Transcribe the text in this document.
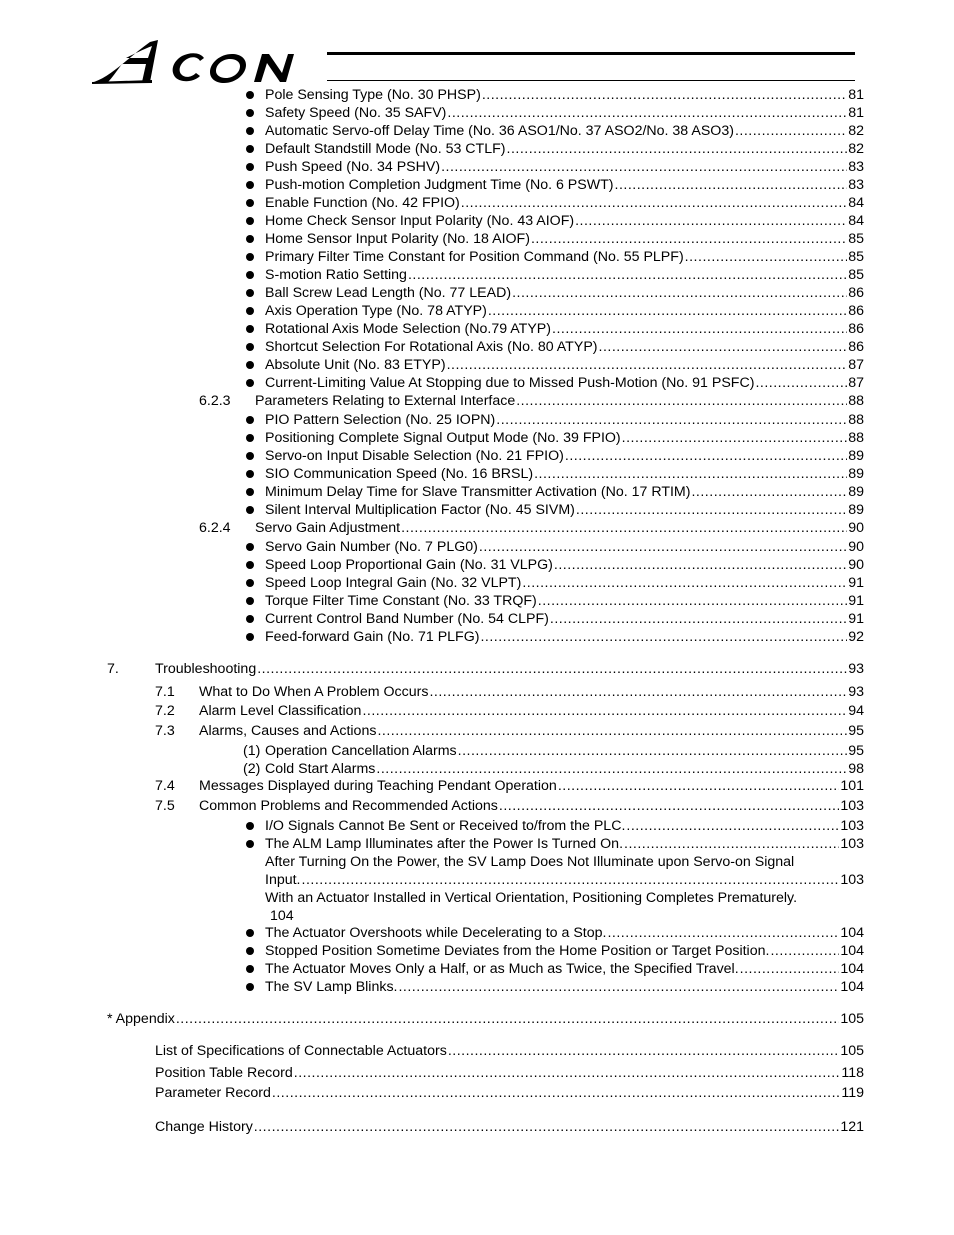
Pole Sensing Type (No. 30 PHSP) .....	81
Safety Speed (No. 35 SAFV) .....	81
Automatic Servo-off Delay Time (No. 36 ASO1/No. 37 ASO2/No. 38 ASO3) .....	82
Default Standstill Mode (No. 53 CTLF) .....	82
Push Speed (No. 34 PSHV) .....	83
Push-motion Completion Judgment Time (No. 6 PSWT) .....	83
Enable Function (No. 42 FPIO) .....	84
Home Check Sensor Input Polarity (No. 43 AIOF) .....	84
Home Sensor Input Polarity (No. 18 AIOF) .....	85
Primary Filter Time Constant for Position Command (No. 55 PLPF) .....	85
S-motion Ratio Setting .....	85
Ball Screw Lead Length (No. 77 LEAD) .....	86
Axis Operation Type (No. 78 ATYP) .....	86
Rotational Axis Mode Selection (No.79 ATYP) .....	86
Shortcut Selection For Rotational Axis (No. 80 ATYP) .....	86
Absolute Unit (No. 83 ETYP) .....	87
Current-Limiting Value At Stopping due to Missed Push-Motion (No. 91 PSFC) .....	87
6.2.3 Parameters Relating to External Interface .....	88
PIO Pattern Selection (No. 25 IOPN) .....	88
Positioning Complete Signal Output Mode (No. 39 FPIO) .....	88
Servo-on Input Disable Selection (No. 21 FPIO) .....	89
SIO Communication Speed (No. 16 BRSL) .....	89
Minimum Delay Time for Slave Transmitter Activation (No. 17 RTIM) .....	89
Silent Interval Multiplication Factor (No. 45 SIVM) .....	89
6.2.4 Servo Gain Adjustment .....	90
Servo Gain Number (No. 7 PLG0) .....	90
Speed Loop Proportional Gain (No. 31 VLPG) .....	90
Speed Loop Integral Gain (No. 32 VLPT) .....	91
Torque Filter Time Constant (No. 33 TRQF) .....	91
Current Control Band Number (No. 54 CLPF) .....	91
Feed-forward Gain (No. 71 PLFG) .....	92
7.	Troubleshooting .....	93
7.1 What to Do When A Problem Occurs .....	93
7.2 Alarm Level Classification .....	94
7.3 Alarms, Causes and Actions .....	95
(1) Operation Cancellation Alarms .....	95
(2) Cold Start Alarms .....	98
7.4 Messages Displayed during Teaching Pendant Operation .....	101
7.5 Common Problems and Recommended Actions .....	103
I/O Signals Cannot Be Sent or Received to/from the PLC. .....	103
The ALM Lamp Illuminates after the Power Is Turned On. .....	103
After Turning On the Power, the SV Lamp Does Not Illuminate upon Servo-on Signal
Input. .....	103
With an Actuator Installed in Vertical Orientation, Positioning Completes Prematurely.
104
The Actuator Overshoots while Decelerating to a Stop. .....	104
Stopped Position Sometime Deviates from the Home Position or Target Position. .....	104
The Actuator Moves Only a Half, or as Much as Twice, the Specified Travel. .....	104
The SV Lamp Blinks. .....	104
* Appendix .....	105
List of Specifications of Connectable Actuators .....	105
Position Table Record .....	118
Parameter Record .....	119
Change History .....	121
